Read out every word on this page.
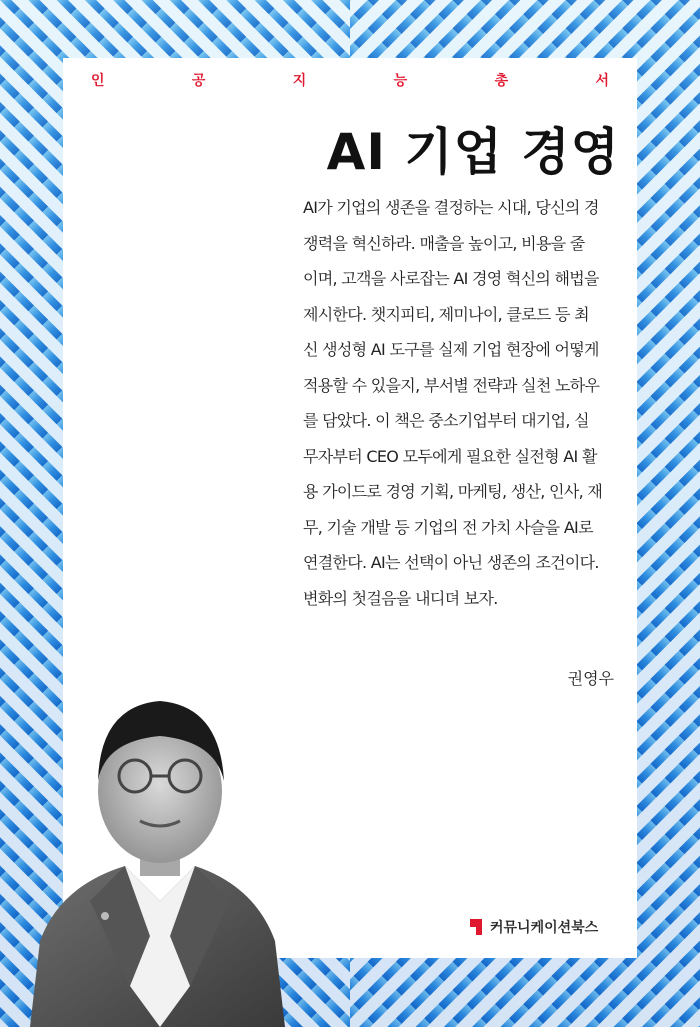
인	공	지	능	총	서
AI 기업 경영
AI가 기업의 생존을 결정하는 시대, 당신의 경
쟁력을 혁신하라. 매출을 높이고, 비용을 줄
이며, 고객을 사로잡는 AI 경영 혁신의 해법을
제시한다. 챗지피티, 제미나이, 클로드 등 최
신 생성형 AI 도구를 실제 기업 현장에 어떻게
적용할 수 있을지, 부서별 전략과 실천 노하우
를 담았다. 이 책은 중소기업부터 대기업, 실
무자부터 CEO 모두에게 필요한 실전형 AI 활
용 가이드로 경영 기획, 마케팅, 생산, 인사, 재
무, 기술 개발 등 기업의 전 가치 사슬을 AI로
연결한다. AI는 선택이 아닌 생존의 조건이다.
변화의 첫걸음을 내디뎌 보자.
권영우
커뮤니케이션북스
